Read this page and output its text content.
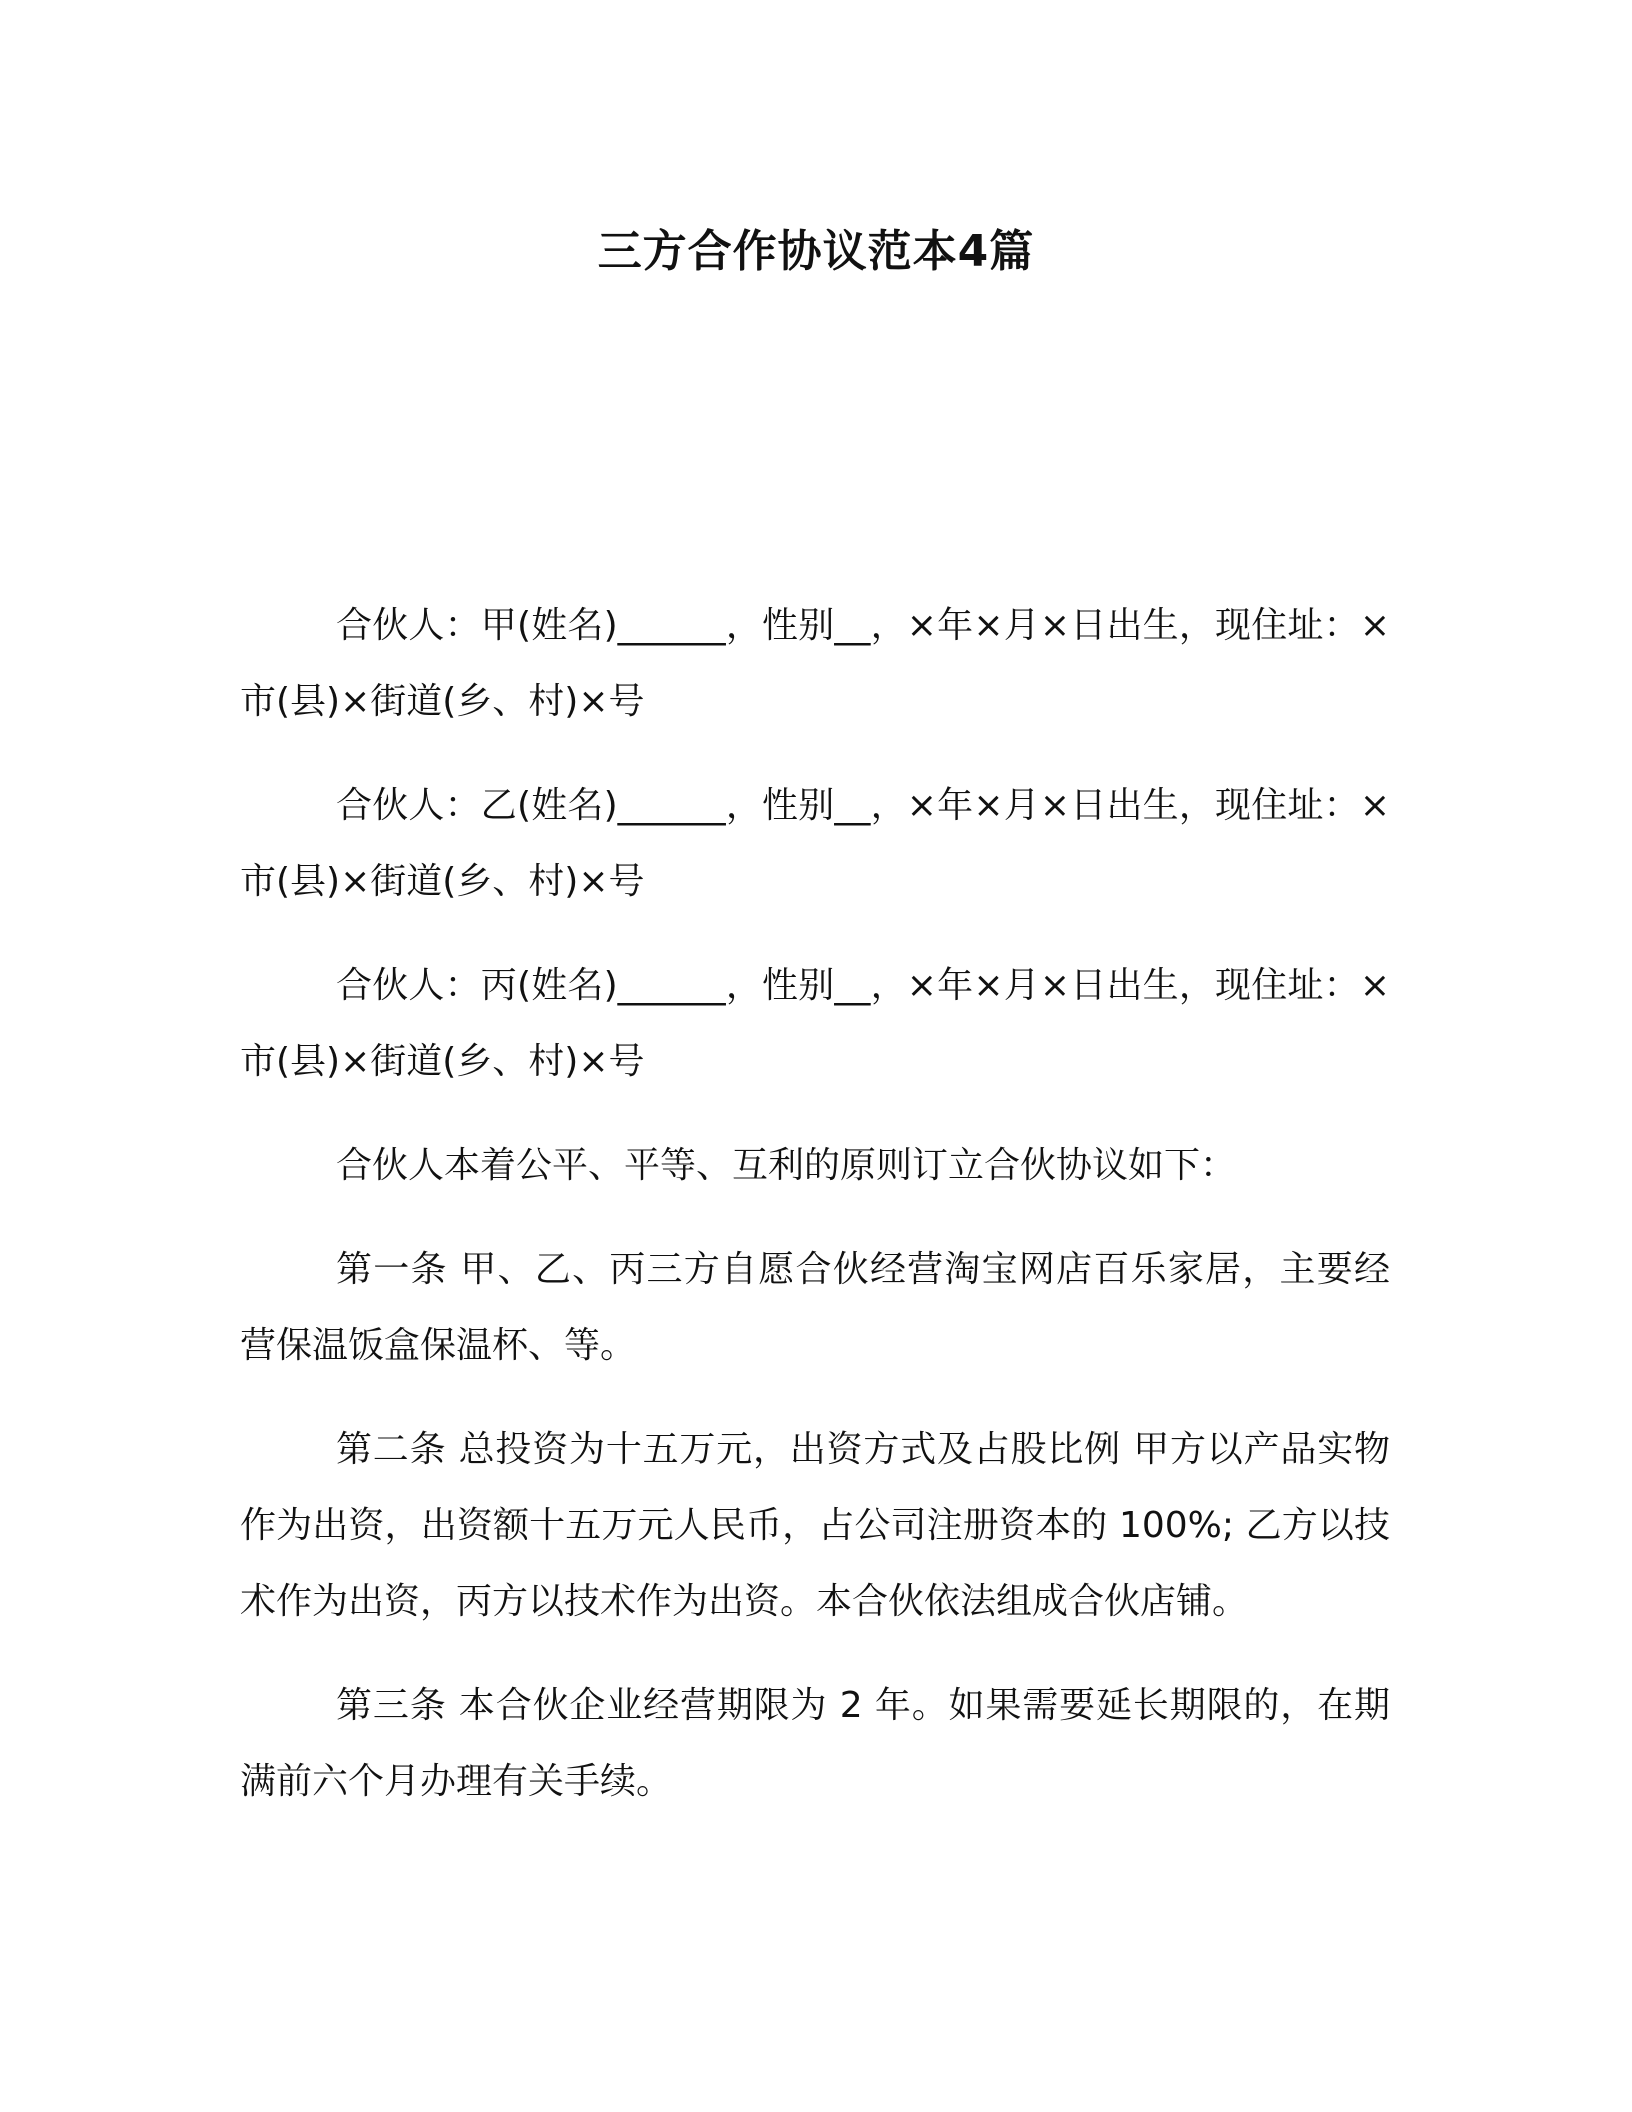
三方合作协议范本4篇

合伙人：甲(姓名)______，性别__，×年×月×日出生，现住址：×市(县)×街道(乡、村)×号

合伙人：乙(姓名)______，性别__，×年×月×日出生，现住址：×市(县)×街道(乡、村)×号

合伙人：丙(姓名)______，性别__，×年×月×日出生，现住址：×市(县)×街道(乡、村)×号

合伙人本着公平、平等、互利的原则订立合伙协议如下：

第一条 甲、乙、丙三方自愿合伙经营淘宝网店百乐家居，主要经营保温饭盒保温杯、等。

第二条 总投资为十五万元，出资方式及占股比例 甲方以产品实物作为出资，出资额十五万元人民币，占公司注册资本的 100%; 乙方以技术作为出资，丙方以技术作为出资。本合伙依法组成合伙店铺。

第三条 本合伙企业经营期限为 2 年。如果需要延长期限的，在期满前六个月办理有关手续。
